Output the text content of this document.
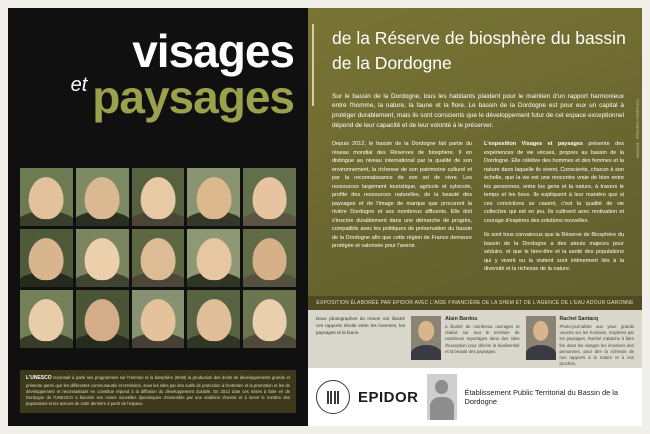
visages
et paysages
L'UNESCO reconnaît à partir ses programmes sur l'Homme et la biosphère (MAB) la production des droits de développements grande et présente parmi que les différentes communautés et territoires, sous les sites par des outils de protection à l'entretien et la promotion et les de développement et reconnaissant en constitue répond à la diffusion du développement durable. En 2012 date ces mises à faire en de Dordogne de l'UNESCO a favorisé ses reines nouvelles dynamiques d'ensemble par une ambition d'avenir et à servir le nombre des populations et les acteurs de cette dernière à partir de l'espace.
de la Réserve de biosphère du bassin de la Dordogne
Sur le bassin de la Dordogne, tous les habitants plaident pour le maintien d'un rapport harmonieux entre l'homme, la nature, la faune et la flore. Le bassin de la Dordogne est pour eux un capital à protéger durablement, mais ils sont conscients que le développement futur de cet espace exceptionnel dépend de leur capacité et de leur volonté à le préserver.

Depuis 2012, le bassin de la Dordogne fait partie du réseau mondial des Réserves de biosphère. Il en distingue au niveau international par la qualité de son environnement, la richesse de son patrimoine culturel et par la reconnaissance de son art de vivre. Les ressources largement touristique, agricole et sylvicole, profite des ressources naturelles, de la beauté des paysages et de l'image de marque que procurent la rivière Dordogne et ses nombreux affluents. Elle doit s'inscrire durablement dans une démarche de progrès, compatible avec les politiques de préservation du bassin de la Dordogne afin que cette région de France demeure protégée et valorisée pour l'avenir.

L'exposition Visages et paysages présente des expériences de vie vécues, propres au bassin de la Dordogne. Elle célèbre des hommes et des femmes et la nature dans laquelle ils vivent. Conscients, chacun à son échelle, que la vie est une rencontre vraie de bien entre les personnes, entre les gens et la nature, à travers le temps et les lieux. Ils expliquent à leur manière que si ces convictions se casent, c'est la qualité de vie collective qui est en jeu. Ils cultivent avec motivation et courage d'espères des solutions nouvelles.

Ils sont tous convaincus que la Réserve de Biosphère du bassin de la Dordogne a des atouts majeurs pour séduire, et que le bien-être et la santé des populations qui y vivent ou la visitent sont intimement liés à la diversité et la richesse de la nature.

EXPOSITION ÉLABORÉE PAR EPIDOR AVEC L'AIDE FINANCIÈRE DE LA SHEM ET DE L'AGENCE DE L'EAU ADOUR GARONNE
Deux photographes de renom ont illustré ces rapports étroits entre les hommes, les paysages et la faune.
Alain Bardou
a illustré de nombreux ouvrages et réalisé sur tout le territoire de nombreux reportages dans des sites d'exception pour décrire la biodiversité et la beauté des paysages.
Rachel Santacq
Photo-journaliste aux yeux grands ouverts sur les humains, inspirées par les paysages, Rachel s'attache à faire lire dans les visages les émotions des personnes, pour dire la richesse de nos rapports à la nature et à nos proches.
EPIDOR	Établissement Public Territorial du Bassin de la Dordogne
Conception Graphique : EPIDOR
